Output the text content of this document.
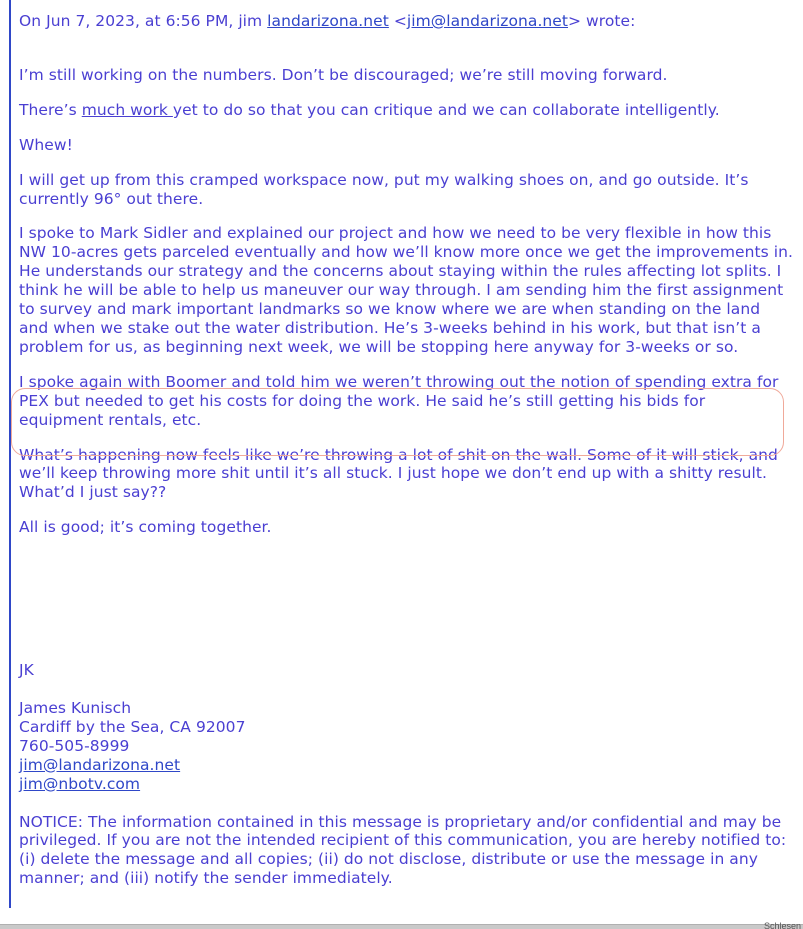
On Jun 7, 2023, at 6:56 PM, jim landarizona.net <jim@landarizona.net> wrote:

I’m still working on the numbers. Don’t be discouraged; we’re still moving forward.

There’s much work yet to do so that you can critique and we can collaborate intelligently.

Whew!

I will get up from this cramped workspace now, put my walking shoes on, and go outside. It’s currently 96° out there.

I spoke to Mark Sidler and explained our project and how we need to be very flexible in how this NW 10-acres gets parceled eventually and how we’ll know more once we get the improvements in. He understands our strategy and the concerns about staying within the rules affecting lot splits. I think he will be able to help us maneuver our way through. I am sending him the first assignment to survey and mark important landmarks so we know where we are when standing on the land and when we stake out the water distribution. He’s 3-weeks behind in his work, but that isn’t a problem for us, as beginning next week, we will be stopping here anyway for 3-weeks or so.

I spoke again with Boomer and told him we weren’t throwing out the notion of spending extra for PEX but needed to get his costs for doing the work. He said he’s still getting his bids for equipment rentals, etc.

What’s happening now feels like we’re throwing a lot of shit on the wall. Some of it will stick, and we’ll keep throwing more shit until it’s all stuck. I just hope we don’t end up with a shitty result. What’d I just say??

All is good; it’s coming together.

JK

James Kunisch

Cardiff by the Sea, CA 92007

760-505-8999

jim@landarizona.net

jim@nbotv.com

NOTICE: The information contained in this message is proprietary and/or confidential and may be privileged. If you are not the intended recipient of this communication, you are hereby notified to: (i) delete the message and all copies; (ii) do not disclose, distribute or use the message in any manner; and (iii) notify the sender immediately.

Schlesen
